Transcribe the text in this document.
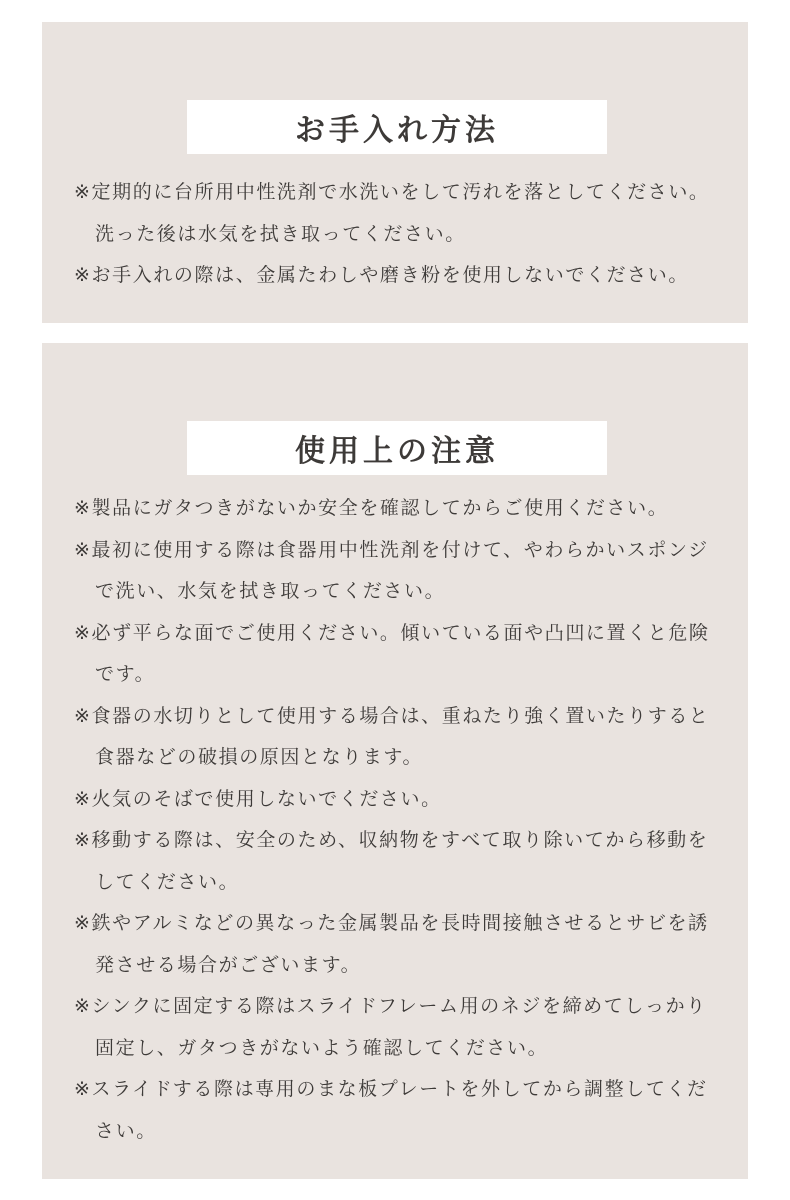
お手入れ方法
※定期的に台所用中性洗剤で水洗いをして汚れを落としてください。洗った後は水気を拭き取ってください。
※お手入れの際は、金属たわしや磨き粉を使用しないでください。
使用上の注意
※製品にガタつきがないか安全を確認してからご使用ください。
※最初に使用する際は食器用中性洗剤を付けて、やわらかいスポンジで洗い、水気を拭き取ってください。
※必ず平らな面でご使用ください。傾いている面や凸凹に置くと危険です。
※食器の水切りとして使用する場合は、重ねたり強く置いたりすると食器などの破損の原因となります。
※火気のそばで使用しないでください。
※移動する際は、安全のため、収納物をすべて取り除いてから移動をしてください。
※鉄やアルミなどの異なった金属製品を長時間接触させるとサビを誘発させる場合がございます。
※シンクに固定する際はスライドフレーム用のネジを締めてしっかり固定し、ガタつきがないよう確認してください。
※スライドする際は専用のまな板プレートを外してから調整してください。
